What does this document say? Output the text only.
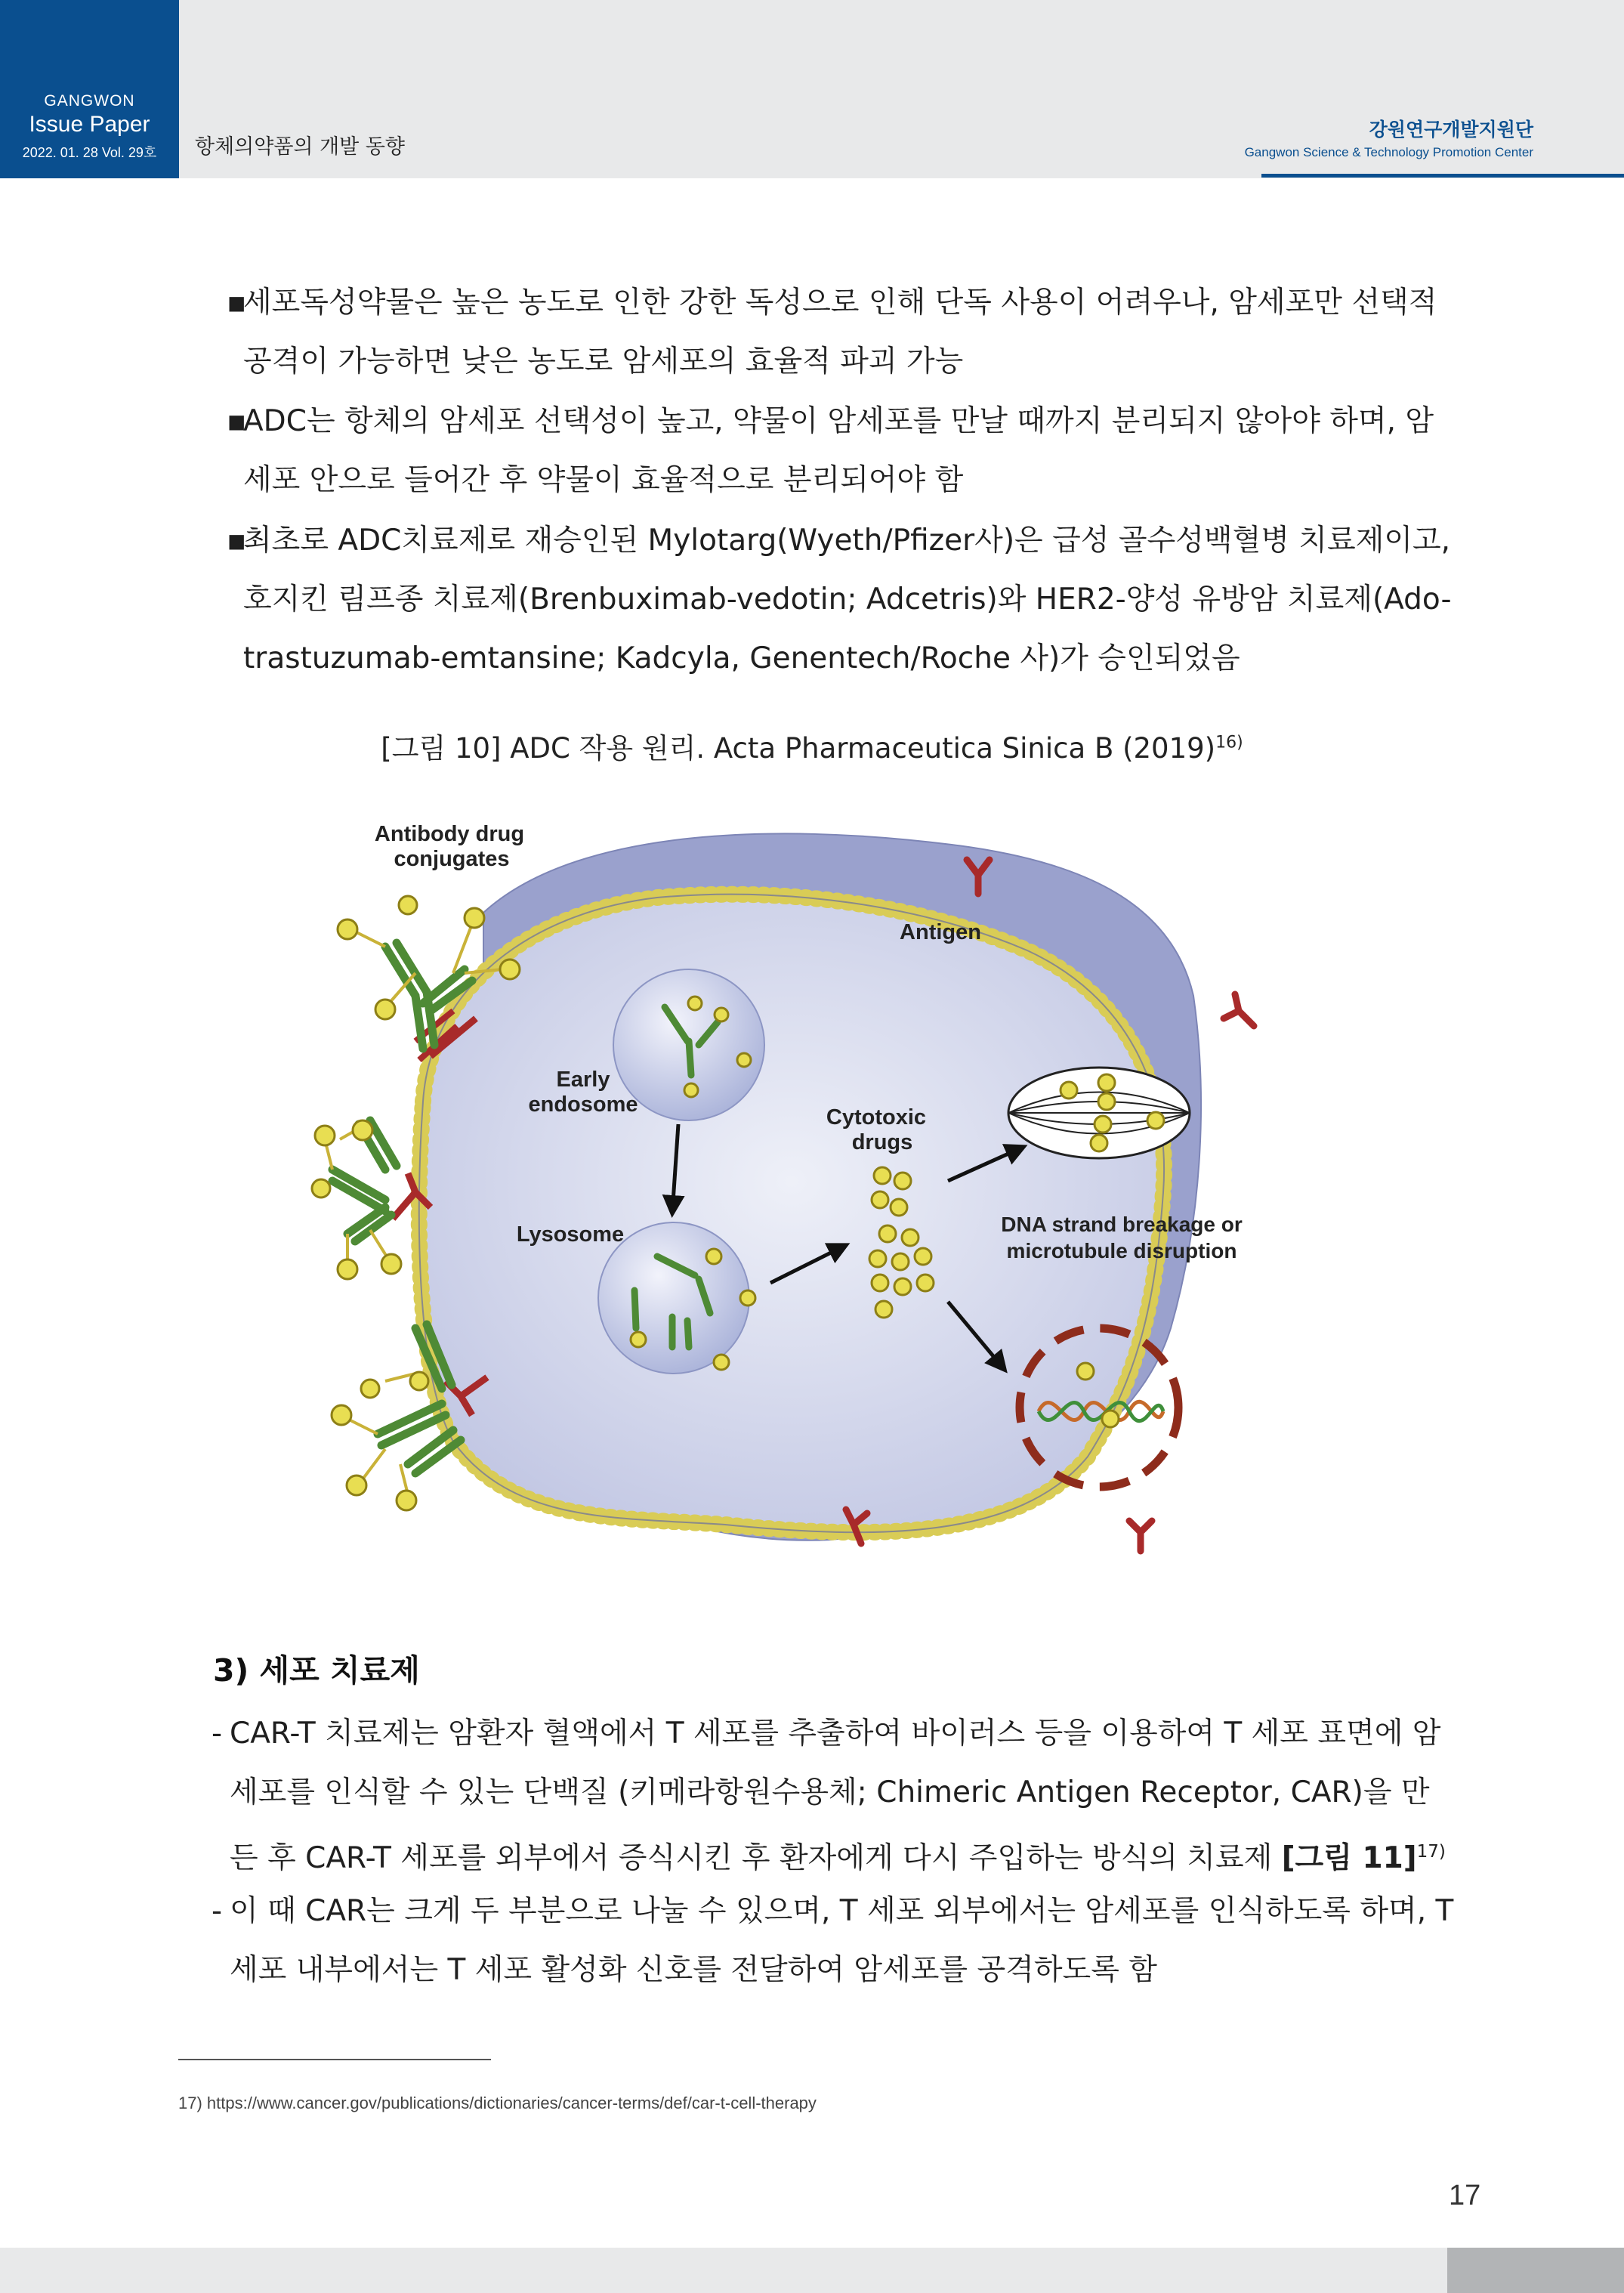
GANGWON
Issue Paper
2022. 01. 28 Vol. 29호	항체의약품의 개발 동향
강원연구개발지원단
Gangwon Science & Technology Promotion Center
▪
세포독성약물은 높은 농도로 인한 강한 독성으로 인해 단독 사용이 어려우나, 암세포만 선택적 공격이 가능하면 낮은 농도로 암세포의 효율적 파괴 가능
▪
ADC는 항체의 암세포 선택성이 높고, 약물이 암세포를 만날 때까지 분리되지 않아야 하며, 암 세포 안으로 들어간 후 약물이 효율적으로 분리되어야 함
▪
최초로 ADC치료제로 재승인된 Mylotarg(Wyeth/Pfizer사)은 급성 골수성백혈병 치료제이고, 호지킨 림프종 치료제(Brenbuximab-vedotin; Adcetris)와 HER2-양성 유방암 치료제(Ado-trastuzumab-emtansine; Kadcyla, Genentech/Roche 사)가 승인되었음
[그림 10] ADC 작용 원리. Acta Pharmaceutica Sinica B $(2019)^{16)}$
Antibody drug
conjugates
Antigen
Early
endosome
Lysosome
Cytotoxic
drugs
DNA strand breakage or
microtubule disruption
3) 세포 치료제
- CAR-T 치료제는 암환자 혈액에서 T 세포를 추출하여 바이러스 등을 이용하여 T 세포 표면에 암세포를 인식할 수 있는 단백질 (키메라항원수용체; Chimeric Antigen Receptor, CAR)을 만든 후 CAR-T 세포를 외부에서 증식시킨 후 환자에게 다시 주입하는 방식의 치료제 [그림 11]$^{17)}$
- 이 때 CAR는 크게 두 부분으로 나눌 수 있으며, T 세포 외부에서는 암세포를 인식하도록 하며, T 세포 내부에서는 T 세포 활성화 신호를 전달하여 암세포를 공격하도록 함
17) https://www.cancer.gov/publications/dictionaries/cancer-terms/def/car-t-cell-therapy
17
